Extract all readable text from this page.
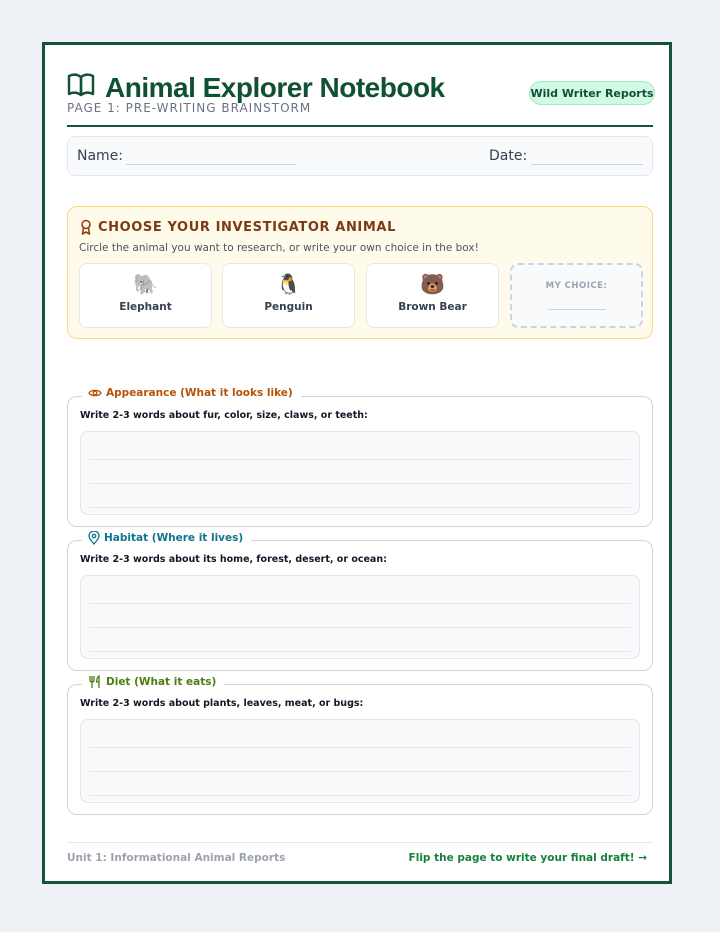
Animal Explorer Notebook
PAGE 1: PRE-WRITING BRAINSTORM
Wild Writer Reports
Name:	Date:
CHOOSE YOUR INVESTIGATOR ANIMAL
Circle the animal you want to research, or write your own choice in the box!
🐘
Elephant
🐧
Penguin
🐻
Brown Bear
MY CHOICE:
Appearance (What it looks like)
Write 2-3 words about fur, color, size, claws, or teeth:
Habitat (Where it lives)
Write 2-3 words about its home, forest, desert, or ocean:
Diet (What it eats)
Write 2-3 words about plants, leaves, meat, or bugs:
Unit 1: Informational Animal Reports	Flip the page to write your final draft! →
